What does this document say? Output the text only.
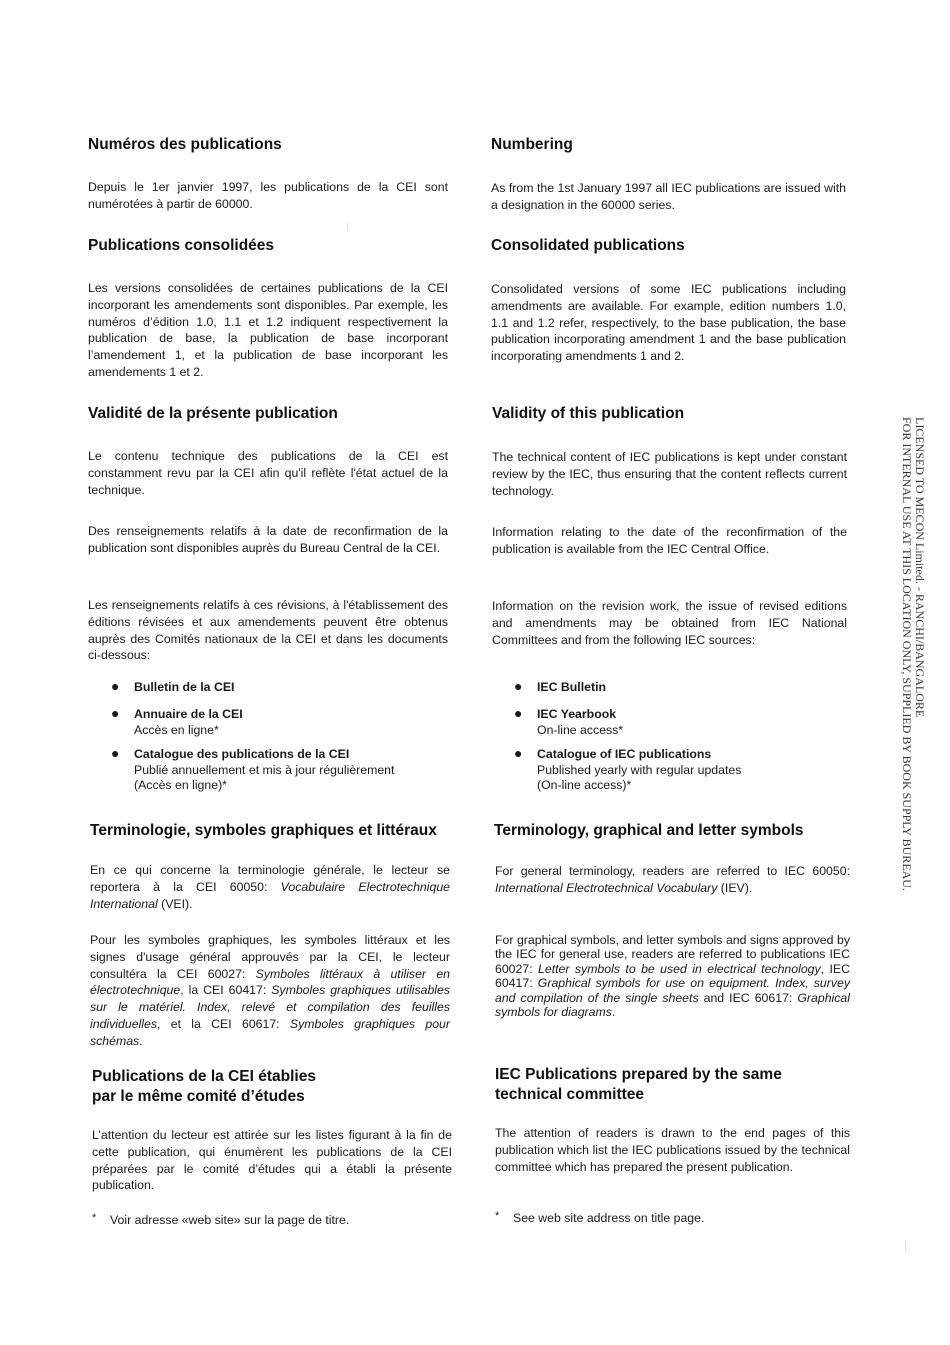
Numéros des publications

Depuis le 1er janvier 1997, les publications de la CEI sont numérotées à partir de 60000.

Publications consolidées

Les versions consolidées de certaines publications de la CEI incorporant les amendements sont disponibles. Par exemple, les numéros d’édition 1.0, 1.1 et 1.2 indiquent respectivement la publication de base, la publication de base incorporant l’amendement 1, et la publication de base incorporant les amendements 1 et 2.

Validité de la présente publication

Le contenu technique des publications de la CEI est constamment revu par la CEI afin qu'il reflète l'état actuel de la technique.

Des renseignements relatifs à la date de reconfirmation de la publication sont disponibles auprès du Bureau Central de la CEI.

Les renseignements relatifs à ces révisions, à l'établissement des éditions révisées et aux amendements peuvent être obtenus auprès des Comités nationaux de la CEI et dans les documents ci-dessous:

● Bulletin de la CEI
● Annuaire de la CEI
Accès en ligne*
● Catalogue des publications de la CEI
Publié annuellement et mis à jour régulièrement
(Accès en ligne)*
Terminologie, symboles graphiques et littéraux

En ce qui concerne la terminologie générale, le lecteur se reportera à la CEI 60050: Vocabulaire Electrotechnique International (VEI).

Pour les symboles graphiques, les symboles littéraux et les signes d'usage général approuvés par la CEI, le lecteur consultéra la CEI 60027: Symboles littéraux à utiliser en électrotechnique, la CEI 60417: Symboles graphiques utilisables sur le matériel. Index, relevé et compilation des feuilles individuelles, et la CEI 60617: Symboles graphiques pour schémas.

Publications de la CEI établies
par le même comité d’études

L’attention du lecteur est attirée sur les listes figurant à la fin de cette publication, qui énumèrent les publications de la CEI préparées par le comité d’études qui a établi la présente publication.

* Voir adresse «web site» sur la page de titre.
Numbering

As from the 1st January 1997 all IEC publications are issued with a designation in the 60000 series.

Consolidated publications

Consolidated versions of some IEC publications including amendments are available. For example, edition numbers 1.0, 1.1 and 1.2 refer, respectively, to the base publication, the base publication incorporating amendment 1 and the base publication incorporating amendments 1 and 2.

Validity of this publication

The technical content of IEC publications is kept under constant review by the IEC, thus ensuring that the content reflects current technology.

Information relating to the date of the reconfirmation of the publication is available from the IEC Central Office.

Information on the revision work, the issue of revised editions and amendments may be obtained from IEC National Committees and from the following IEC sources:

● IEC Bulletin
● IEC Yearbook
On-line access*
● Catalogue of IEC publications
Published yearly with regular updates
(On-line access)*
Terminology, graphical and letter symbols

For general terminology, readers are referred to IEC 60050: International Electrotechnical Vocabulary (IEV).

For graphical symbols, and letter symbols and signs approved by the IEC for general use, readers are referred to publications IEC 60027: Letter symbols to be used in electrical technology, IEC 60417: Graphical symbols for use on equipment. Index, survey and compilation of the single sheets and IEC 60617: Graphical symbols for diagrams.

IEC Publications prepared by the same
technical committee

The attention of readers is drawn to the end pages of this publication which list the IEC publications issued by the technical committee which has prepared the present publication.

* See web site address on title page.
LICENSED TO MECON Limited. - RANCHI/BANGALORE
FOR INTERNAL USE AT THIS LOCATION ONLY, SUPPLIED BY BOOK SUPPLY BUREAU.
